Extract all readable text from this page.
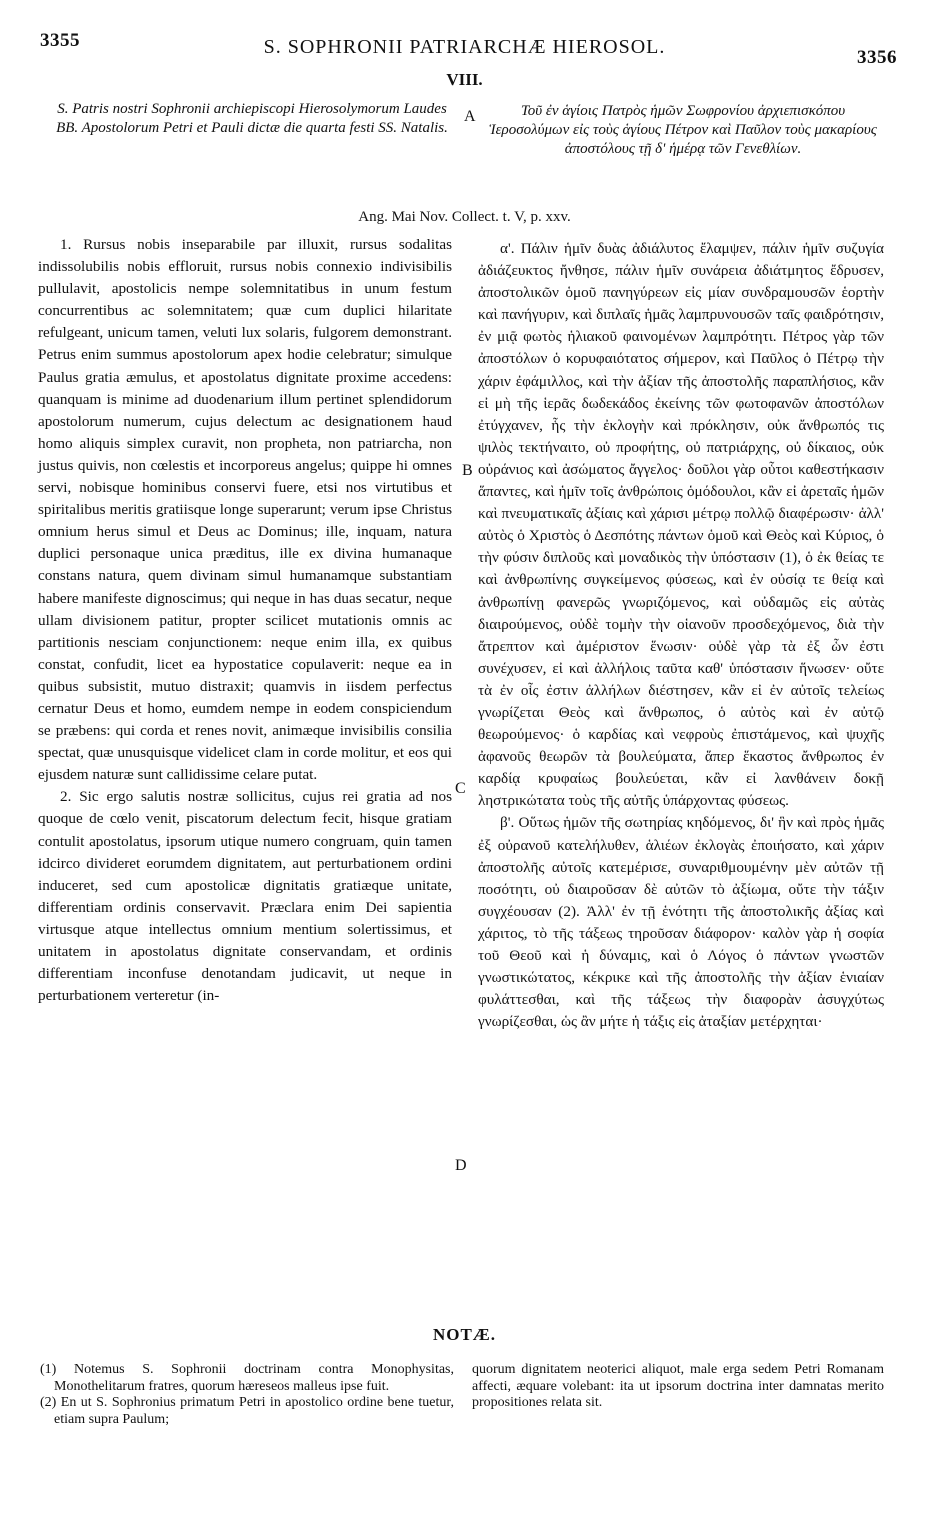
3355	S. SOPHRONII PATRIARCHÆ HIEROSOL.	3356
VIII.
S. Patris nostri Sophronii archiepiscopi Hierosolymorum Laudes BB. Apostolorum Petri et Pauli dictæ die quarta festi SS. Natalis.
A	Τοῦ ἐν ἁγίοις Πατρὸς ἡμῶν Σωφρονίου ἀρχιεπισκόπου Ἱεροσολύμων εἰς τοὺς ἁγίους Πέτρον καὶ Παῦλον τοὺς μακαρίους ἀποστόλους τῇ δ' ἡμέρᾳ τῶν Γενεθλίων.
Ang. Mai Nov. Collect. t. V, p. xxv.

1. Rursus nobis inseparabile par illuxit, rursus sodalitas indissolubilis nobis effloruit, rursus nobis connexio indivisibilis pullulavit, apostolicis nempe solemnitatibus in unum festum concurrentibus ac solemnitatem; quæ cum duplici hilaritate refulgeant, unicum tamen, veluti lux solaris, fulgorem demonstrant. Petrus enim summus apostolorum apex hodie celebratur; simulque Paulus gratia æmulus, et apostolatus dignitate proxime accedens: quanquam is minime ad duodenarium illum pertinet splendidorum apostolorum numerum, cujus delectum ac designationem haud homo aliquis simplex curavit, non propheta, non patriarcha, non justus quivis, non cœlestis et incorporeus angelus; quippe hi omnes servi, nobisque hominibus conservi fuere, etsi nos virtutibus et spiritalibus meritis gratiisque longe superarunt; verum ipse Christus omnium herus simul et Deus ac Dominus; ille, inquam, natura duplici personaque unica præditus, ille ex divina humanaque constans natura, quem divinam simul humanamque substantiam habere manifeste dignoscimus; qui neque in has duas secatur, neque ullam divisionem patitur, propter scilicet mutationis omnis ac partitionis nesciam conjunctionem: neque enim illa, ex quibus constat, confudit, licet ea hypostatice copulaverit: neque ea in quibus subsistit, mutuo distraxit; quamvis in iisdem perfectus cernatur Deus et homo, eumdem nempe in eodem conspiciendum se præbens: qui corda et renes novit, animæque invisibilis consilia spectat, quæ unusquisque videlicet clam in corde molitur, et eos qui ejusdem naturæ sunt callidissime celare putat.

2. Sic ergo salutis nostræ sollicitus, cujus rei gratia ad nos quoque de cœlo venit, piscatorum delectum fecit, hisque gratiam contulit apostolatus, ipsorum utique numero congruam, quin tamen idcirco divideret eorumdem dignitatem, aut perturbationem ordini induceret, sed cum apostolicæ dignitatis gratiæque unitate, differentiam ordinis conservavit. Præclara enim Dei sapientia virtusque atque intellectus omnium mentium solertissimus, et unitatem in apostolatus dignitate conservandam, et ordinis differentiam inconfuse denotandam judicavit, ut neque in perturbationem verteretur (in-

B
C
D

α'. Πάλιν ἡμῖν δυὰς ἀδιάλυτος ἔλαμψεν, πάλιν ἡμῖν συζυγία ἀδιάζευκτος ἤνθησε, πάλιν ἡμῖν συνάρεια ἀδιάτμητος ἔδρυσεν, ἀποστολικῶν ὁμοῦ πανηγύρεων εἰς μίαν συνδραμουσῶν ἑορτὴν καὶ πανήγυριν, καὶ διπλαῖς ἡμᾶς λαμπρυνουσῶν ταῖς φαιδρότησιν, ἐν μιᾷ φωτὸς ἡλιακοῦ φαινομένων λαμπρότητι. Πέτρος γὰρ τῶν ἀποστόλων ὁ κορυφαιότατος σήμερον, καὶ Παῦλος ὁ Πέτρῳ τὴν χάριν ἐφάμιλλος, καὶ τὴν ἀξίαν τῆς ἀποστολῆς παραπλήσιος, κἂν εἰ μὴ τῆς ἱερᾶς δωδεκάδος ἐκείνης τῶν φωτοφανῶν ἀποστόλων ἐτύγχανεν, ἧς τὴν ἐκλογὴν καὶ πρόκλησιν, οὐκ ἄνθρωπός τις ψιλὸς τεκτήναιτο, οὐ προφήτης, οὐ πατριάρχης, οὐ δίκαιος, οὐκ οὐράνιος καὶ ἀσώματος ἄγγελος· δοῦλοι γὰρ οὗτοι καθεστήκασιν ἅπαντες, καὶ ἡμῖν τοῖς ἀνθρώποις ὁμόδουλοι, κἂν εἰ ἀρεταῖς ἡμῶν καὶ πνευματικαῖς ἀξίαις καὶ χάρισι μέτρῳ πολλῷ διαφέρωσιν· ἀλλ' αὐτὸς ὁ Χριστὸς ὁ Δεσπότης πάντων ὁμοῦ καὶ Θεὸς καὶ Κύριος, ὁ τὴν φύσιν διπλοῦς καὶ μοναδικὸς τὴν ὑπόστασιν (1), ὁ ἐκ θείας τε καὶ ἀνθρωπίνης συγκείμενος φύσεως, καὶ ἐν οὐσίᾳ τε θείᾳ καὶ ἀνθρωπίνῃ φανερῶς γνωριζόμενος, καὶ οὐδαμῶς εἰς αὐτὰς διαιρούμενος, οὐδὲ τομὴν τὴν οἱανοῦν προσδεχόμενος, διὰ τὴν ἄτρεπτον καὶ ἀμέριστον ἕνωσιν· οὐδὲ γὰρ τὰ ἐξ ὧν ἐστι συνέχυσεν, εἰ καὶ ἀλλήλοις ταῦτα καθ' ὑπόστασιν ἥνωσεν· οὔτε τὰ ἐν οἷς ἐστιν ἀλλήλων διέστησεν, κἂν εἰ ἐν αὐτοῖς τελείως γνωρίζεται Θεὸς καὶ ἄνθρωπος, ὁ αὐτὸς καὶ ἐν αὐτῷ θεωρούμενος· ὁ καρδίας καὶ νεφροὺς ἐπιστάμενος, καὶ ψυχῆς ἀφανοῦς θεωρῶν τὰ βουλεύματα, ἅπερ ἕκαστος ἄνθρωπος ἐν καρδίᾳ κρυφαίως βουλεύεται, κἂν εἰ λανθάνειν δοκῇ ληστρικώτατα τοὺς τῆς αὐτῆς ὑπάρχοντας φύσεως.

β'. Οὕτως ἡμῶν τῆς σωτηρίας κηδόμενος, δι' ἣν καὶ πρὸς ἡμᾶς ἐξ οὐρανοῦ κατελήλυθεν, ἁλιέων ἐκλογὰς ἐποιήσατο, καὶ χάριν ἀποστολῆς αὐτοῖς κατεμέρισε, συναριθμουμένην μὲν αὐτῶν τῇ ποσότητι, οὐ διαιροῦσαν δὲ αὐτῶν τὸ ἀξίωμα, οὔτε τὴν τάξιν συγχέουσαν (2). Ἀλλ' ἐν τῇ ἑνότητι τῆς ἀποστολικῆς ἀξίας καὶ χάριτος, τὸ τῆς τάξεως τηροῦσαν διάφορον· καλὸν γὰρ ἡ σοφία τοῦ Θεοῦ καὶ ἡ δύναμις, καὶ ὁ Λόγος ὁ πάντων γνωστῶν γνωστικώτατος, κέκρικε καὶ τῆς ἀποστολῆς τὴν ἀξίαν ἑνιαίαν φυλάττεσθαι, καὶ τῆς τάξεως τὴν διαφορὰν ἀσυγχύτως γνωρίζεσθαι, ὡς ἂν μήτε ἡ τάξις εἰς ἀταξίαν μετέρχηται·

NOTÆ.

(1) Notemus S. Sophronii doctrinam contra Monophysitas, Monothelitarum fratres, quorum hæreseos malleus ipse fuit.

(2) En ut S. Sophronius primatum Petri in apostolico ordine bene tuetur, etiam supra Paulum;

quorum dignitatem neoterici aliquot, male erga sedem Petri Romanam affecti, æquare volebant: ita ut ipsorum doctrina inter damnatas merito propositiones relata sit.
